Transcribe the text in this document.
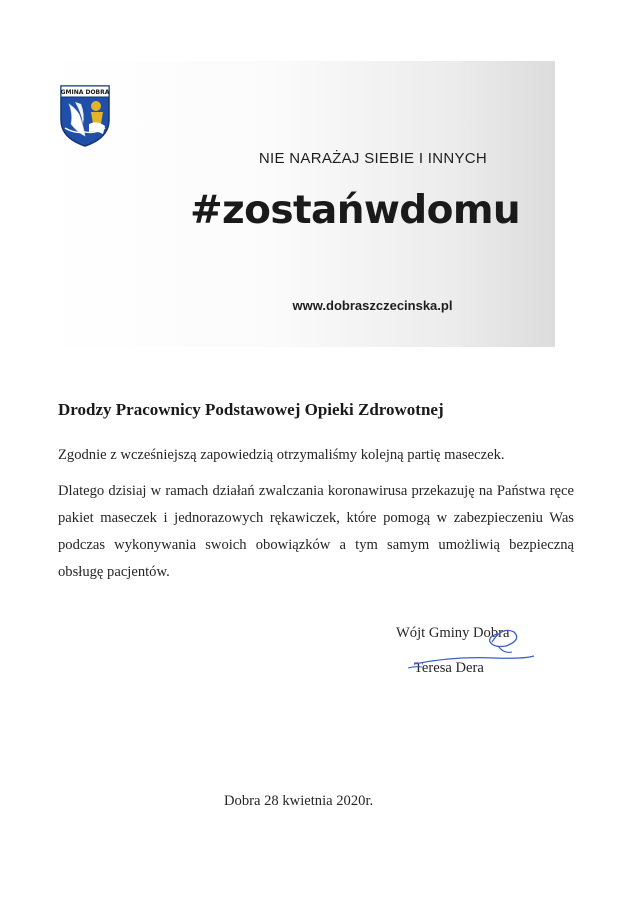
GMINA DOBRA
NIE NARAŻAJ SIEBIE I INNYCH
#zostańwdomu
www.dobraszczecinska.pl
Drodzy Pracownicy Podstawowej Opieki Zdrowotnej

Zgodnie z wcześniejszą zapowiedzią otrzymaliśmy kolejną partię maseczek.

Dlatego dzisiaj w ramach działań zwalczania koronawirusa przekazuję na Państwa ręce pakiet maseczek i jednorazowych rękawiczek, które pomogą w zabezpieczeniu Was podczas wykonywania swoich obowiązków a tym samym umożliwią bezpieczną obsługę pacjentów.

Wójt Gminy Dobra
Teresa Dera
Dobra 28 kwietnia 2020r.
